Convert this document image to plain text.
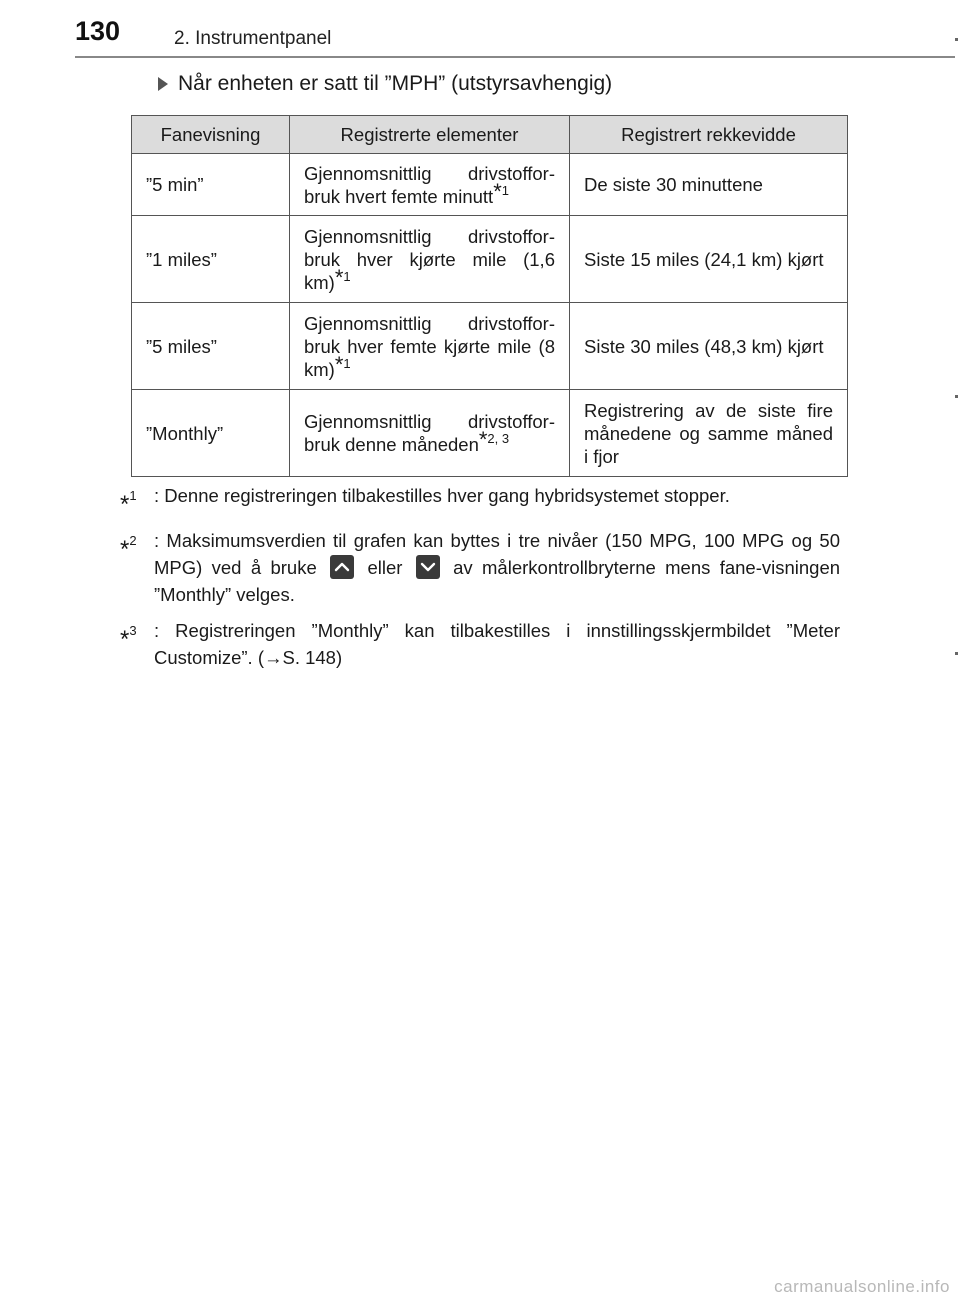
130	2. Instrumentpanel
Når enheten er satt til ”MPH” (utstyrsavhengig)
Fanevisning	Registrerte elementer	Registrert rekkevidde
”5 min”	Gjennomsnittlig drivstoffor-bruk hvert femte minutt*$^1$	De siste 30 minuttene
”1 miles”	Gjennomsnittlig drivstoffor-bruk hver kjørte mile (1,6 km)*$^1$	Siste 15 miles (24,1 km) kjørt
”5 miles”	Gjennomsnittlig drivstoffor-bruk hver femte kjørte mile (8 km)*$^1$	Siste 30 miles (48,3 km) kjørt
”Monthly”	Gjennomsnittlig drivstoffor-bruk denne måneden*$^{2, 3}$	Registrering av de siste fire månedene og samme måned i fjor
*$^1$ : Denne registreringen tilbakestilles hver gang hybridsystemet stopper.
*$^2$ : Maksimumsverdien til grafen kan byttes i tre nivåer (150 MPG, 100 MPG og 50 MPG) ved å bruke	eller	av målerkontrollbryterne mens fane-visningen ”Monthly” velges.
*$^3$ : Registreringen ”Monthly” kan tilbakestilles i innstillingsskjermbildet ”Meter Customize”. (→S. 148)
carmanualsonline.info
